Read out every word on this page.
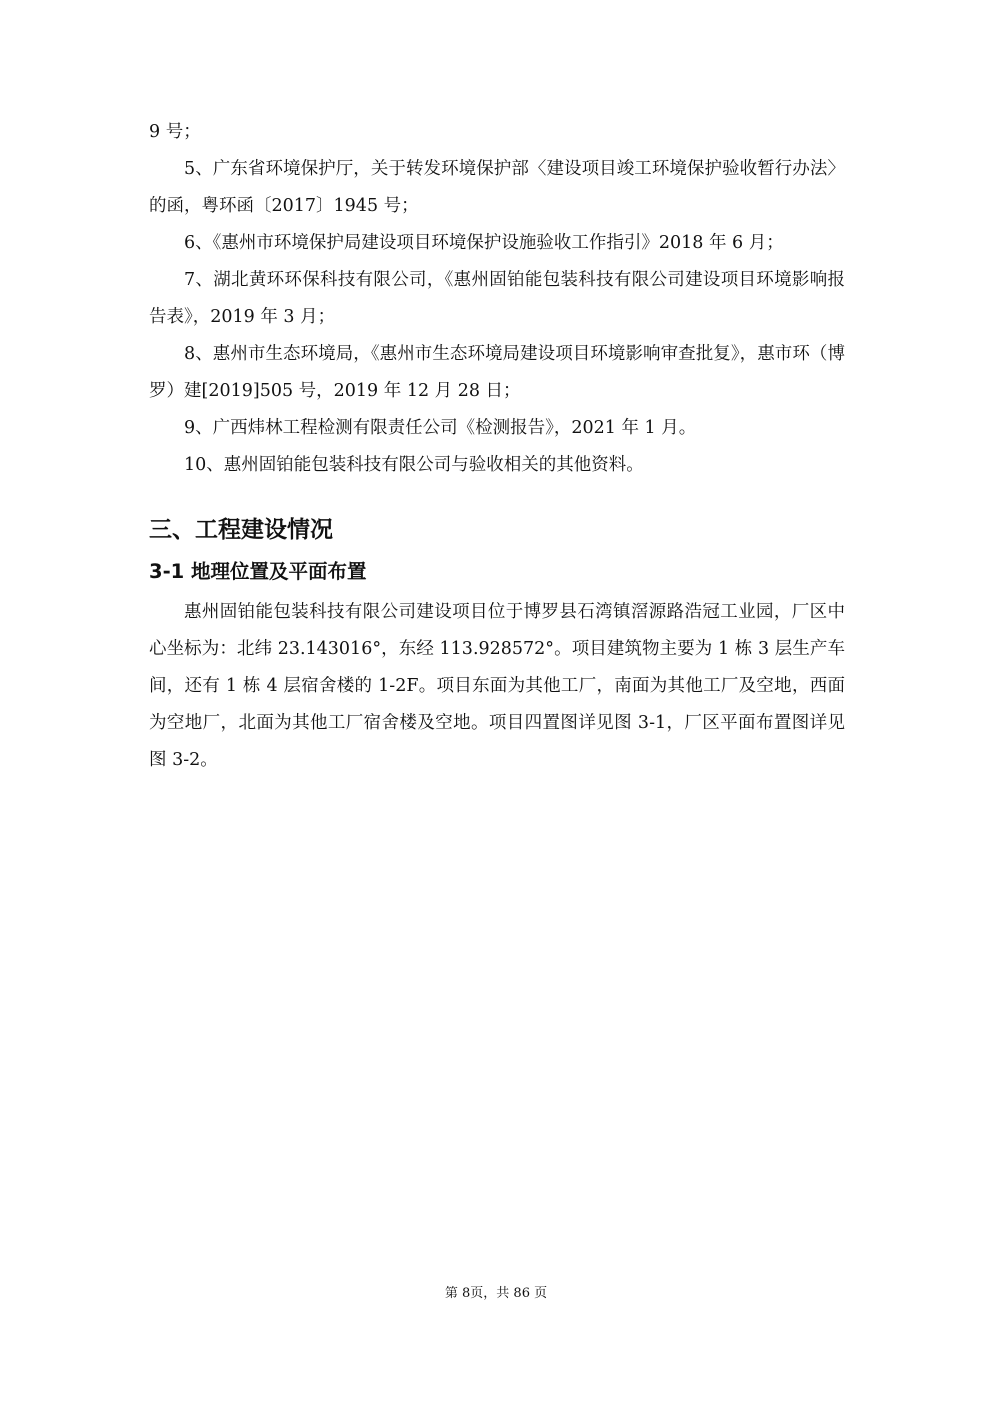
9 号；

5、广东省环境保护厅，关于转发环境保护部〈建设项目竣工环境保护验收暂行办法〉的函，粤环函〔2017〕1945 号；
6、《惠州市环境保护局建设项目环境保护设施验收工作指引》2018 年 6 月；
7、湖北黄环环保科技有限公司，《惠州固铂能包装科技有限公司建设项目环境影响报告表》，2019 年 3 月；
8、惠州市生态环境局，《惠州市生态环境局建设项目环境影响审查批复》，惠市环（博罗）建[2019]505 号，2019 年 12 月 28 日；
9、广西炜林工程检测有限责任公司《检测报告》，2021 年 1 月。
10、惠州固铂能包装科技有限公司与验收相关的其他资料。
三、工程建设情况
3-1 地理位置及平面布置

惠州固铂能包装科技有限公司建设项目位于博罗县石湾镇滘源路浩冠工业园，厂区中心坐标为：北纬 23.143016°，东经 113.928572°。项目建筑物主要为 1 栋 3 层生产车间，还有 1 栋 4 层宿舍楼的 1-2F。项目东面为其他工厂，南面为其他工厂及空地，西面为空地厂，北面为其他工厂宿舍楼及空地。项目四置图详见图 3-1，厂区平面布置图详见图 3-2。

第 8页，共 86 页
